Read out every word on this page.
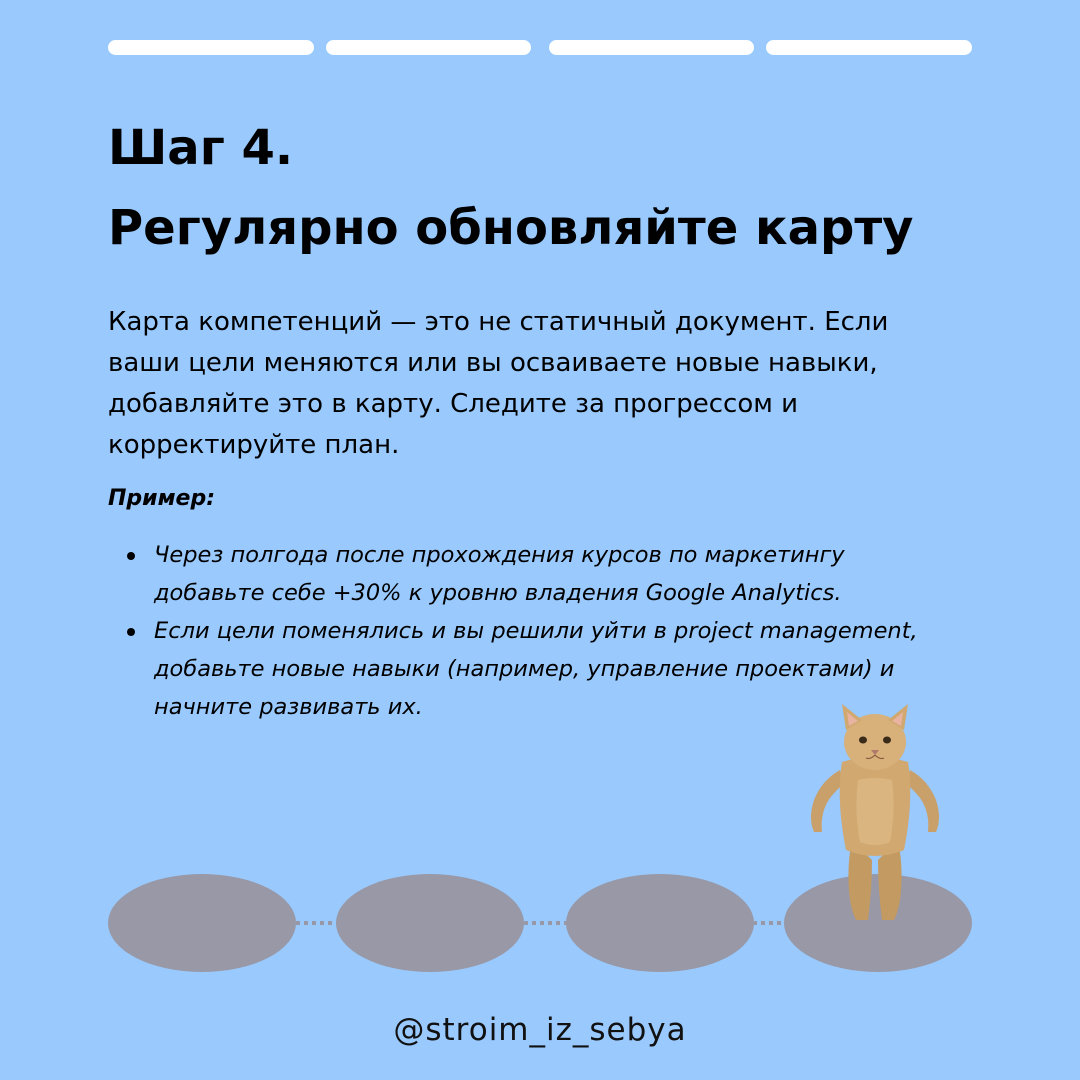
Шаг 4.
Регулярно обновляйте карту
Карта компетенций — это не статичный документ. Если
ваши цели меняются или вы осваиваете новые навыки,
добавляйте это в карту. Следите за прогрессом и
корректируйте план.
Пример:
Через полгода после прохождения курсов по маркетингу
добавьте себе +30% к уровню владения Google Analytics.
Если цели поменялись и вы решили уйти в project management,
добавьте новые навыки (например, управление проектами) и
начните развивать их.
@stroim_iz_sebya
